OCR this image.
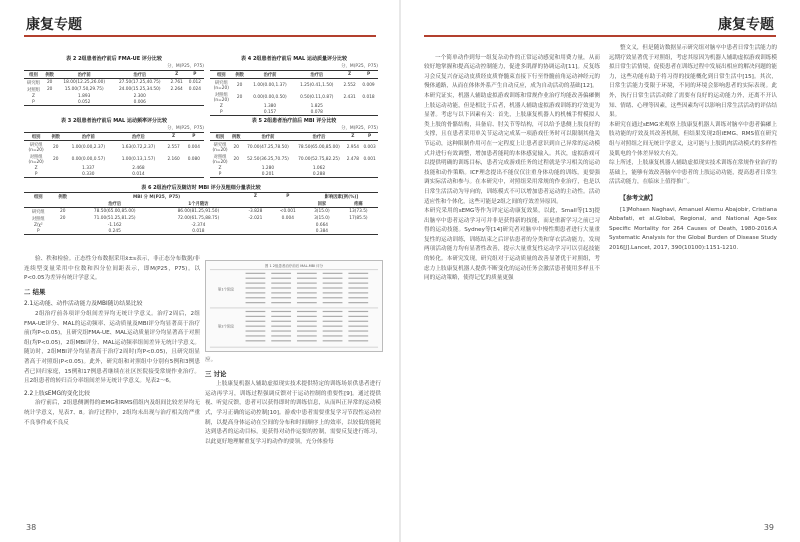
康复专题
表 2 2组患者治疗前后 FMA-UE 评分比较
分，M(P25，P75)
组别	例数	治疗前	治疗后	Z	P
研究组	20	18.00(12.25,26.00)	27.50(17.25,40.75)	2.761	0.012
对照组	20	15.00(7.50,29.75)	24.00(15.25,34.50)	2.264	0.024
Z		1.893	2.300		
P		0.052	0.006		
表 3 2组患者治疗前后 MAL 运动频率评分比较
分，M(P25，P75)
组别	例数	治疗前	治疗后	Z	P
研究组
(n=20)	20	1.00(0.00,2.37)	1.63(0.72,2.37)	2.557	0.004
对照组
(n=20)	20	0.00(0.00,0.57)	1.00(0.13,1.57)	2.160	0.080
Z		1.337	2.468		
P		0.330	0.014		
表 4 2组患者治疗前后 MAL 运动质量评分比较
分，M(P25，P75)
组别	例数	治疗前	治疗后	Z	P
研究组
(n=20)	20	1.00(0.00,1.37)	1.25(0.41,1.50)	2.552	0.009
对照组
(n=20)	20	0.00(0.00,0.50)	0.50(0.11,0.87)	2.431	0.018
Z		1.380	1.825		
P		0.157	0.078		
表 5 2组患者治疗前后 MBI 评分比较
分，M(P25，P75)
组别	例数	治疗前	治疗后	Z	P
研究组
(n=20)	20	70.00(47.25,78.50)	78.50(65.00,85.00)	2.954	0.003
对照组
(n=20)	20	52.50(36.25,70.75)	70.00(52.75,82.25)	2.478	0.001
Z		1.280	1.062		
P		0.201	0.288		
表 6 2组治疗后及随访时 MBI 评分及粗细分量表比较
组别	例数	MBI 分 M(P25，P75)		Z	P	影响因素[例(%)]	
		治疗后	1个月随访			回家	疼痛
研究组	20	78.50(65.00,85.00)	86.00(81.25,91.50)	-3.828	<0.001	3(15.0)	13(73.5)
对照组	20	71.00(51.25,81.25)	72.00(61.75,88.75)	-2.021	0.004	3(15.0)	17(85.5)
Z/χ²		-1.162	-2.374			0.664	
P		0.245	0.018			0.384	
验、秩和检验。正态性分布数据采用x̄±s表示，非正态分布数据/非连续型变量采用中位数和四分位间距表示，即M(P25，P75)。以P<0.05为差异有统计学意义。
二 结果
2.1运动能、动作活动能力及MBI随访结果比较
2组治疗前各项评分组间差异均无统计学意义。治疗2周后，2组FMA-UE评分、MAL的运动频率、运动质量及MBI评分均显著高于治疗前(均P<0.05)，且研究组FMA-UE、MAL运动质量评分均显著高于对照组(均P<0.05)，2组MBI评分、MAL运动频率组间差异无统计学意义。随访时，2组MBI评分均显著高于治疗2周时(均P<0.05)，且研究组显著高于对照组(P<0.05)。此外，研究组和对照组中分别有5例和3例患者已回归家庭，15例和17例患者继续在社区医院接受常规作业治疗。且2组患者的转归百分率组间差异无统计学意义。见表2～6。
2.2上肢sEMG的变化比较
治疗前后，2组患侧测得的iEMG和RMS值组内及组间比较差异均无统计学意义，见表7、8。治疗过程中，2组均未出现与治疗相关的严重不良事件或不良反
图 1 2组患者治疗前后 MAL-MBI 评分
第1个阶段
第2个阶段
应。
三 讨论
上肢康复机器人辅助虚拟现实技术提供特定的训练场景供患者进行运动再学习，训练过程强调反馈对于运动控制的重要性[9]。通过提供视、听觉反馈，患者可以获得即时的训练信息，从而纠正异常的运动模式，学习正确的运动控制[10]。游戏中患者需要重复学习节段性运动控制，以提高身体运动在空间的分布和时间顺序上的效率，以较低的能耗达到患者的运动目标，更获得对动作运要的控制，需要反复进行练习，以此更好地理解重复学习的动作的要领，充分体验每
38
康复专题

一个简单动作到每一组复杂动作的正常运动感觉和用费力量，从而较好地掌握和提高运动控制能力，促进多肌群的协调运动[11]。反复练习会反复兴奋运动皮质经皮质脊髓束直接下行至脊髓前角运动神经元的慢体通路，从而在体体外系产生自动反应，成为自动活动的基础[12]。
本研究证实，机器人辅助虚拟游戏训练和常规作业治疗均能改善偏瘫侧上肢运动功能，但是相比于后者，机器人辅助虚拟游戏训练的疗效更为显著。考虑与以下因素有关：首先，上肢康复机器人的机械手臂模拟人类上肢的骨骼结构，具备肩、肘关节等结构，可以给予患侧上肢良好的支撑，且在患者采用单关节运动完成某一项游戏任务时可以限制其他关节运动，这种限制作用可在一定程度上让患者意识到自己异常的运动模式并进行有效调整，增加患者能耗的本体感觉输入。其次，虚拟游戏可以提供明确的训练目标，患者完成游戏任务的过程就是学习相关的运动技能和动作策略。ICF理念提出不能仅仅注重身体功能的训练，更要强调实际活动和参与。在本研究中，对照组采用常规的作业治疗，也是以日常生活活动为导向的，训练模式不可以增加患者运动的主动性。活动适应性和个体化，这些可能是2组之间的疗效差异原因。
本研究采用的sEMG等作为评定运动康复效果，以此，Small等[13]提出脑卒中患者运动学习可并非是获得新的技能，而是重新学习之前已习得的运动技能。Sydney等[14]研究者对脑卒中慢性期患者进行大量重复性的运动训练，训练结束之后评估患者的分类和穿衣活动能力，发现两项活动能力均有显著性改善，提示大量重复性运动学习可以引起技能的转化。本研究发现，研究组对于运动质量的改善显著优于对照组，考虑力上肢康复机器人提供不断变化的运动任务会激活患者使用多样且不同的运动策略，使得记忆的质量更强

整文义，但是随访数据显示研究组对脑卒中患者日常生活能力的远期疗效显著优于对照组，考虑其原因为机器人辅助虚拟游戏训练模拟日常生活情境，促使患者在训练过程中发展出相应的解决问题的能力，这些功能有助于将习得的技能概化到日常生活中[15]。其次，日常生活能力受限于环境，不同的环境会影响患者的实际表现。此外，执行日常生活活动除了需要有良好的运动能力外，还离不开认知、情绪、心理等因素，这些因素均可以影响日常生活活动的评估结果。
本研究在通过sEMG来观察上肢康复机器人训练对脑卒中患者偏瘫上肢功能的疗效及其改善机制，但结果发现2组iEMG、RMS值在研究组与对照组之间无统计学意义，这可能与上肢肌肉活动模式的多样性及肌电的个体差异较大有关。
综上所述，上肢康复机器人辅助虚拟现实技术训练在常规作业治疗的基础上，能够有效改善脑卒中患者的上肢运动功能，提高患者日常生活活动能力，在临床上值得推广。
【参考文献】
[1]Mohsen Naghavi, Amanuel Alemu Abajobir, Cristiana Abbafati, et al.Global, Regional, and National Age-Sex Specific Mortality for 264 Causes of Death, 1980-2016:A Systematic Analysis for the Global Burden of Disease Study 2016[J].Lancet, 2017, 390(10100):1151-1210.
39
